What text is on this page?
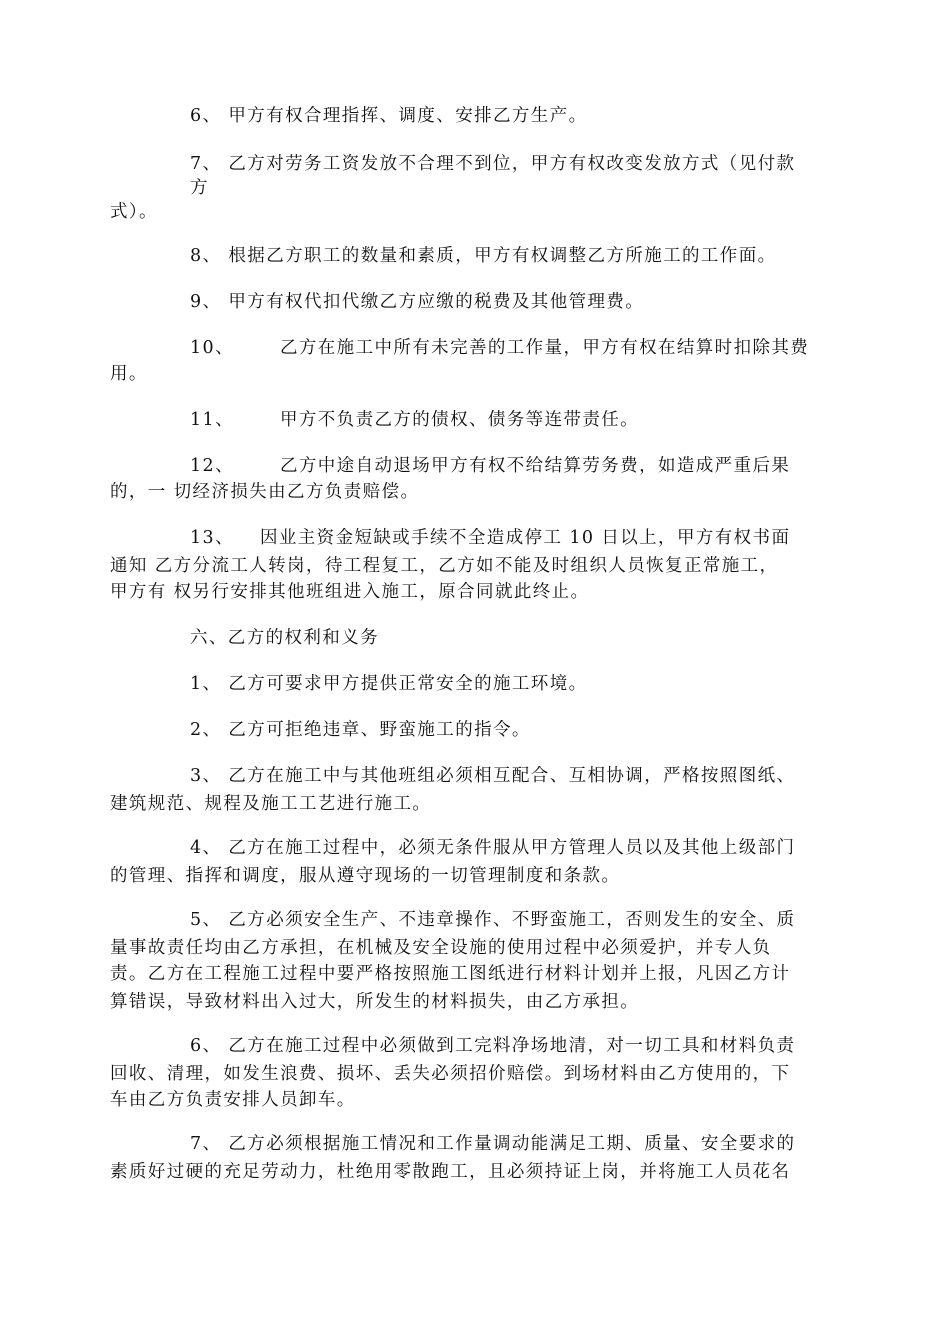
6、 甲方有权合理指挥、调度、安排乙方生产。
7、 乙方对劳务工资发放不合理不到位，甲方有权改变发放方式（见付款
方
式）。
8、 根据乙方职工的数量和素质，甲方有权调整乙方所施工的工作面。
9、 甲方有权代扣代缴乙方应缴的税费及其他管理费。
10、	乙方在施工中所有未完善的工作量，甲方有权在结算时扣除其费
用。
11、	甲方不负责乙方的债权、债务等连带责任。
12、	乙方中途自动退场甲方有权不给结算劳务费，如造成严重后果
的，一 切经济损失由乙方负责赔偿。
13、 因业主资金短缺或手续不全造成停工 10 日以上，甲方有权书面
通知 乙方分流工人转岗，待工程复工，乙方如不能及时组织人员恢复正常施工，
甲方有 权另行安排其他班组进入施工，原合同就此终止。
六、乙方的权利和义务
1、 乙方可要求甲方提供正常安全的施工环境。
2、 乙方可拒绝违章、野蛮施工的指令。
3、 乙方在施工中与其他班组必须相互配合、互相协调，严格按照图纸、
建筑规范、规程及施工工艺进行施工。
4、 乙方在施工过程中，必须无条件服从甲方管理人员以及其他上级部门
的管理、指挥和调度，服从遵守现场的一切管理制度和条款。
5、 乙方必须安全生产、不违章操作、不野蛮施工，否则发生的安全、质
量事故责任均由乙方承担，在机械及安全设施的使用过程中必须爱护，并专人负
责。乙方在工程施工过程中要严格按照施工图纸进行材料计划并上报，凡因乙方计
算错误，导致材料出入过大，所发生的材料损失，由乙方承担。
6、 乙方在施工过程中必须做到工完料净场地清，对一切工具和材料负责
回收、清理，如发生浪费、损坏、丢失必须招价赔偿。到场材料由乙方使用的，下
车由乙方负责安排人员卸车。
7、 乙方必须根据施工情况和工作量调动能满足工期、质量、安全要求的
素质好过硬的充足劳动力，杜绝用零散跑工，且必须持证上岗，并将施工人员花名
